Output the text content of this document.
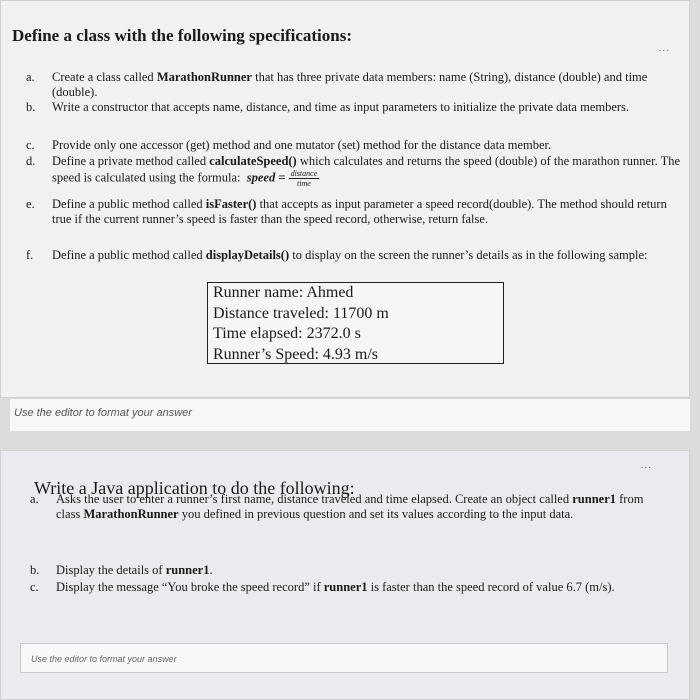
Define a class with the following specifications:
...
a. Create a class called MarathonRunner that has three private data members: name (String), distance (double) and time (double).
b. Write a constructor that accepts name, distance, and time as input parameters to initialize the private data members.
c. Provide only one accessor (get) method and one mutator (set) method for the distance data member.
d. Define a private method called calculateSpeed() which calculates and returns the speed (double) of the marathon runner. The speed is calculated using the formula: speed = $\frac{\text{distance}}{\text{time}}$
e. Define a public method called isFaster() that accepts as input parameter a speed record(double). The method should return true if the current runner’s speed is faster than the speed record, otherwise, return false.
f. Define a public method called displayDetails() to display on the screen the runner’s details as in the following sample:
Runner name: Ahmed
Distance traveled: 11700 m
Time elapsed: 2372.0 s
Runner’s Speed: 4.93 m/s
Use the editor to format your answer
...
Write a Java application to do the following:
a. Asks the user to enter a runner’s first name, distance traveled and time elapsed. Create an object called runner1 from class MarathonRunner you defined in previous question and set its values according to the input data.
b. Display the details of runner1.
c. Display the message “You broke the speed record” if runner1 is faster than the speed record of value 6.7 (m/s).
Use the editor to format your answer
